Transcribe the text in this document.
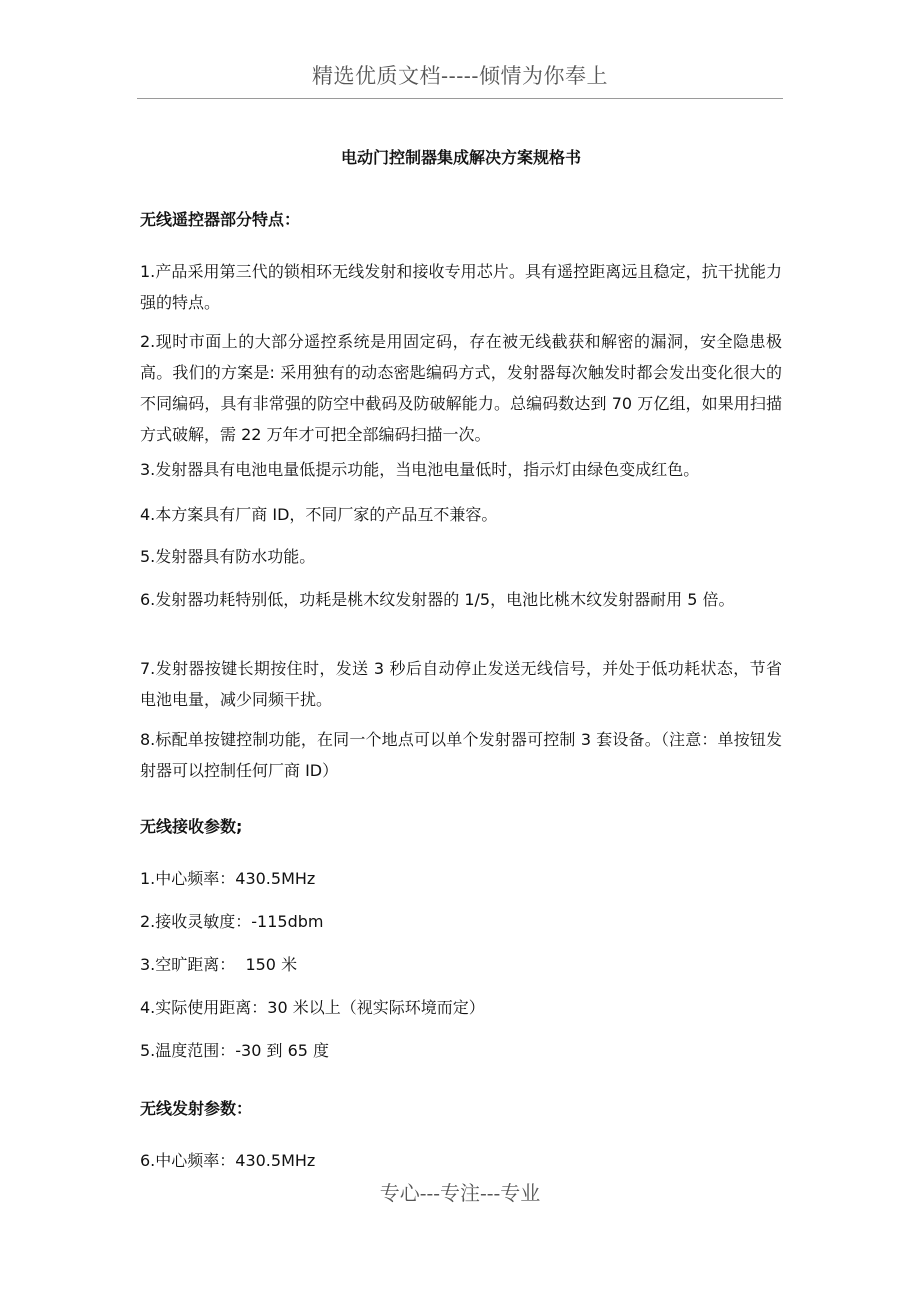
精选优质文档-----倾情为你奉上
电动门控制器集成解决方案规格书
无线遥控器部分特点：
1.产品采用第三代的锁相环无线发射和接收专用芯片。具有遥控距离远且稳定，抗干扰能力强的特点。
2.现时市面上的大部分遥控系统是用固定码，存在被无线截获和解密的漏洞，安全隐患极高。我们的方案是: 采用独有的动态密匙编码方式，发射器每次触发时都会发出变化很大的不同编码，具有非常强的防空中截码及防破解能力。总编码数达到 70 万亿组，如果用扫描方式破解，需 22 万年才可把全部编码扫描一次。
3.发射器具有电池电量低提示功能，当电池电量低时，指示灯由绿色变成红色。
4.本方案具有厂商 ID，不同厂家的产品互不兼容。
5.发射器具有防水功能。
6.发射器功耗特别低，功耗是桃木纹发射器的 1/5，电池比桃木纹发射器耐用 5 倍。
7.发射器按键长期按住时，发送 3 秒后自动停止发送无线信号，并处于低功耗状态，节省电池电量，减少同频干扰。
8.标配单按键控制功能，在同一个地点可以单个发射器可控制 3 套设备。（注意：单按钮发射器可以控制任何厂商 ID）
无线接收参数;
1.中心频率：430.5MHz
2.接收灵敏度：-115dbm
3.空旷距离：  150 米
4.实际使用距离：30 米以上（视实际环境而定）
5.温度范围：-30 到 65 度
无线发射参数：
6.中心频率：430.5MHz
专心---专注---专业
